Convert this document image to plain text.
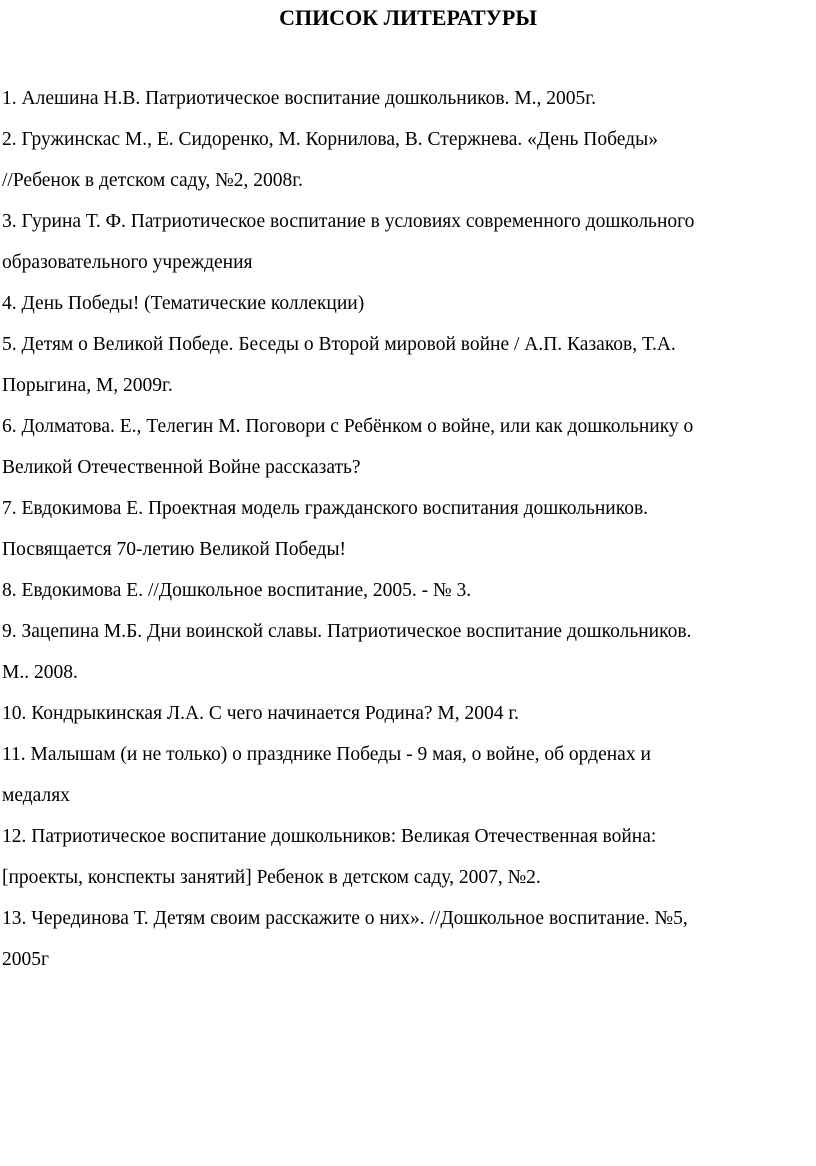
СПИСОК ЛИТЕРАТУРЫ
1. Алешина Н.В. Патриотическое воспитание дошкольников. М., 2005г.
2. Гружинскас М., Е. Сидоренко, М. Корнилова, В. Стержнева. «День Победы»
//Ребенок в детском саду, №2, 2008г.
3. Гурина Т. Ф. Патриотическое воспитание в условиях современного дошкольного
образовательного учреждения
4. День Победы! (Тематические коллекции)
5. Детям о Великой Победе. Беседы о Второй мировой войне / А.П. Казаков, Т.А.
Порыгина, М, 2009г.
6. Долматова. Е., Телегин М. Поговори с Ребёнком о войне, или как дошкольнику о
Великой Отечественной Войне рассказать?
7. Евдокимова Е. Проектная модель гражданского воспитания дошкольников.
Посвящается 70-летию Великой Победы!
8. Евдокимова Е. //Дошкольное воспитание, 2005. - № 3.
9. Зацепина М.Б. Дни воинской славы. Патриотическое воспитание дошкольников.
М.. 2008.
10. Кондрыкинская Л.А. С чего начинается Родина? М, 2004 г.
11. Малышам (и не только) о празднике Победы - 9 мая, о войне, об орденах и
медалях
12. Патриотическое воспитание дошкольников: Великая Отечественная война:
[проекты, конспекты занятий] Ребенок в детском саду, 2007, №2.
13. Черединова Т. Детям своим расскажите о них». //Дошкольное воспитание. №5,
2005г
